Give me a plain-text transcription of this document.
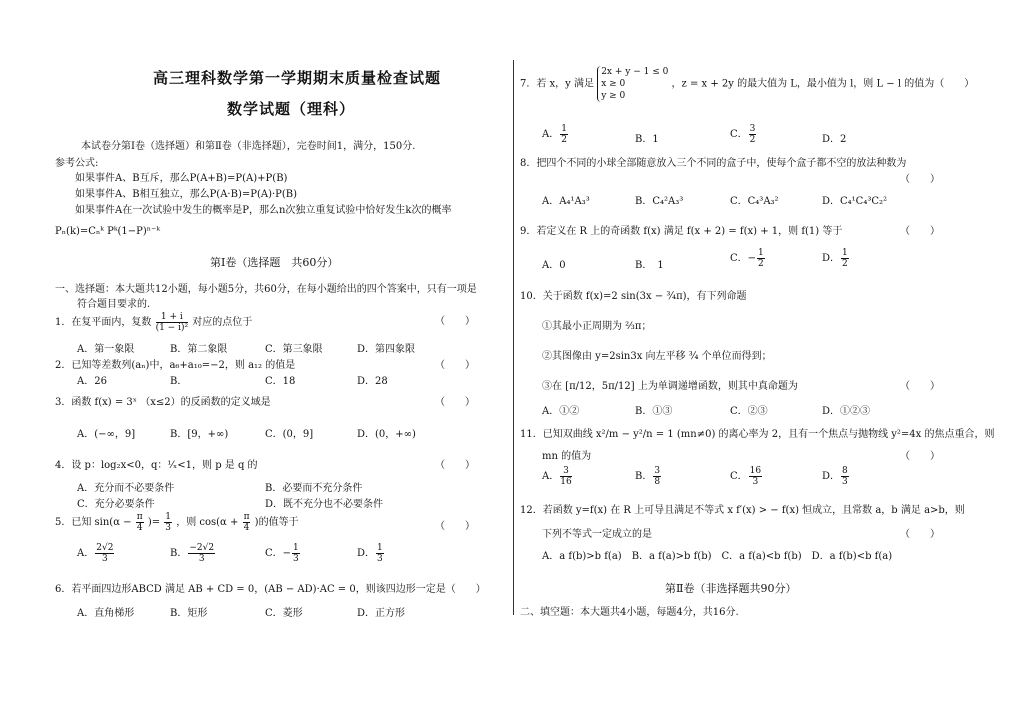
高三理科数学第一学期期末质量检查试题
数学试题（理科）
本试卷分第Ⅰ卷（选择题）和第Ⅱ卷（非选择题），完卷时间1，满分，150分.
参考公式:
如果事件A、B互斥，那么P(A+B)=P(A)+P(B)
如果事件A、B相互独立，那么P(A·B)=P(A)·P(B)
如果事件A在一次试验中发生的概率是P，那么n次独立重复试验中恰好发生k次的概率
Pₙ(k)=Cₙᵏ Pᵏ(1−P)ⁿ⁻ᵏ
第Ⅰ卷（选择题　共60分）
一、选择题：本大题共12小题，每小题5分，共60分，在每小题给出的四个答案中，只有一项是
符合题目要求的.
1．在复平面内，复数 $\frac{1 + i}{\text{(1 − i)²}}$ 对应的点位于	（　　）
A．第一象限	B．第二象限	C．第三象限	D．第四象限
2．已知等差数列(aₙ)中，a₆+a₁₀=−2，则 a₁₂ 的值是	（　　）
A．26	B．	C．18	D．28
3．函数 f(x) = 3ˣ （x≤2）的反函数的定义域是	（　　）
A．(−∞，9]	B．[9，+∞)	C．(0，9]	D．(0，+∞)
4．设 p：log₂x<0，q：¹⁄ₓ<1，则 p 是 q 的	（　　）
A．充分而不必要条件	B．必要而不充分条件
C．充分必要条件	D．既不充分也不必要条件
5．已知 $\sin(\alpha - \frac{\pi}{4}$ )= $\frac{1}{3}$ ，则 $\cos(\alpha + \frac{\pi}{4}$ )的值等于	（　　）
A． $\frac{2√2}{3}$	B． $\frac{-2√2}{3}$	C．− $\frac{1}{3}$	D． $\frac{1}{3}$
6．若平面四边形ABCD 满足 AB + CD = 0，(AB − AD)·AC = 0，则该四边形一定是（　　）
A．直角梯形	B．矩形	C．菱形	D．正方形
7．若 x，y 满足
2x + y − 1 ≤ 0
x ≥ 0
y ≥ 0
，z = x + 2y 的最大值为 L，最小值为 l，则 L − l 的值为（　　）
A． $\frac{1}{2}$	B．1	C． $\frac{3}{2}$	D．2
8．把四个不同的小球全部随意放入三个不同的盒子中，使每个盒子都不空的放法种数为
（　　）
A．A₄¹A₃³	B．C₄²A₃³	C．C₄³A₃²	D．C₄¹C₄³C₂²
9．若定义在 R 上的奇函数 f(x) 满足 f(x + 2) = f(x) + 1，则 f(1) 等于	（　　）
A．0	B．　1
C．− $\frac{1}{2}$	D． $\frac{1}{2}$
10．关于函数 f(x)=2 sin(3x − ¾π)，有下列命题
①其最小正周期为 ⅔π；
②其图像由 y=2sin3x 向左平移 ¾ 个单位而得到；
③在 [π/12，5π/12] 上为单调递增函数，则其中真命题为	（　　）
A．①②	B．①③	C．②③	D．①②③
11．已知双曲线 x²/m − y²/n = 1 (mn≠0) 的离心率为 2，且有一个焦点与抛物线 y²=4x 的焦点重合，则
mn 的值为	（　　）
A． $\frac{3}{16}$	B． $\frac{3}{8}$	C． $\frac{16}{3}$	D． $\frac{8}{3}$
12．若函数 y=f(x) 在 R 上可导且满足不等式 x f′(x) > − f(x) 恒成立，且常数 a，b 满足 a>b，则
下列不等式一定成立的是	（　　）
A．a f(b)>b f(a)　B．a f(a)>b f(b)　C．a f(a)<b f(b)　D．a f(b)<b f(a)
第Ⅱ卷（非选择题共90分）
二、填空题：本大题共4小题，每题4分，共16分.
